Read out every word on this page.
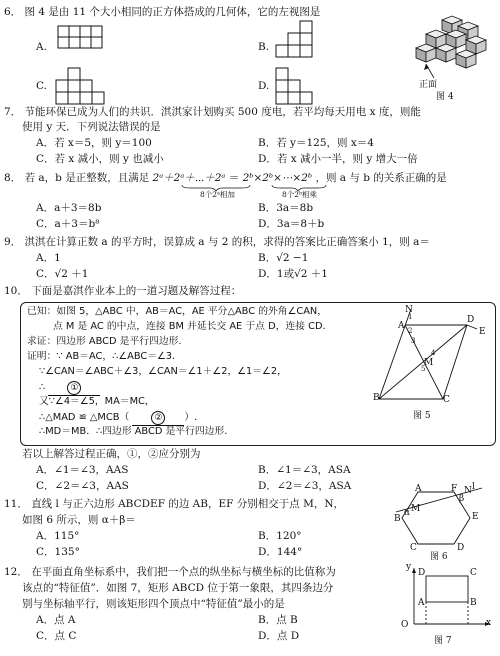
6． 图 4 是由 11 个大小相同的正方体搭成的几何体，它的左视图是
A.	B.
C.	D.	正面
图 4
7． 节能环保已成为人们的共识．淇淇家计划购买 500 度电，若平均每天用电 x 度，则能
使用 y 天．下列说法错误的是
A．若 x＝5，则 y＝100	B．若 y＝125，则 x＝4
C．若 x 减小，则 y 也减小	D．若 x 减小一半，则 y 增大一倍
8． 若 a，b 是正整数，且满足 2ᵃ＋2ᵃ＋⋯＋2ᵃ ＝ 2ᵇ×2ᵇ×⋯×2ᵇ ，则 a 与 b 的关系正确的是
8个2ᵃ相加	8个2ᵇ相乘
A．a＋3＝8b	B．3a＝8b
C．a＋3＝b⁸	D．3a＝8＋b
9． 淇淇在计算正数 a 的平方时，误算成 a 与 2 的积，求得的答案比正确答案小 1，则 a＝
A．1	B．√2 −1
C．√2 ＋1	D．1或√2 ＋1
10． 下面是嘉淇作业本上的一道习题及解答过程：
已知：如图 5，△ABC 中，AB＝AC，AE 平分△ABC 的外角∠CAN，
点 M 是 AC 的中点，连接 BM 并延长交 AE 于点 D，连接 CD.
求证：四边形 ABCD 是平行四边形.
证明：∵ AB＝AC，∴∠ABC＝∠3.
∵∠CAN＝∠ABC＋∠3，∠CAN＝∠1＋∠2，∠1＝∠2，
∴	①
又∵∠4＝∠5，MA＝MC，
∴△MAD ≌ △MCB（	② ）.
∴MD＝MB．∴四边形 ABCD 是平行四边形.
N
A
D
E
M
B	C
1
2
3
4
5
图 5
若以上解答过程正确，①，②应分别为
A．∠1＝∠3，AAS	B．∠1＝∠3，ASA
C．∠2＝∠3，AAS	D．∠2＝∠3，ASA
11． 直线 l 与正六边形 ABCDEF 的边 AB，EF 分别相交于点 M，N，
如图 6 所示，则 α＋β＝
A．115°	B．120°
C．135°	D．144°
A	F l
α M
β
N
B	E
C	D
图 6
12． 在平面直角坐标系中，我们把一个点的纵坐标与横坐标的比值称为
该点的“特征值”．如图 7，矩形 ABCD 位于第一象限，其四条边分
别与坐标轴平行，则该矩形四个顶点中“特征值”最小的是
A．点 A	B．点 B
C．点 C	D．点 D
y
x
O
D	C
A	B
图 7
